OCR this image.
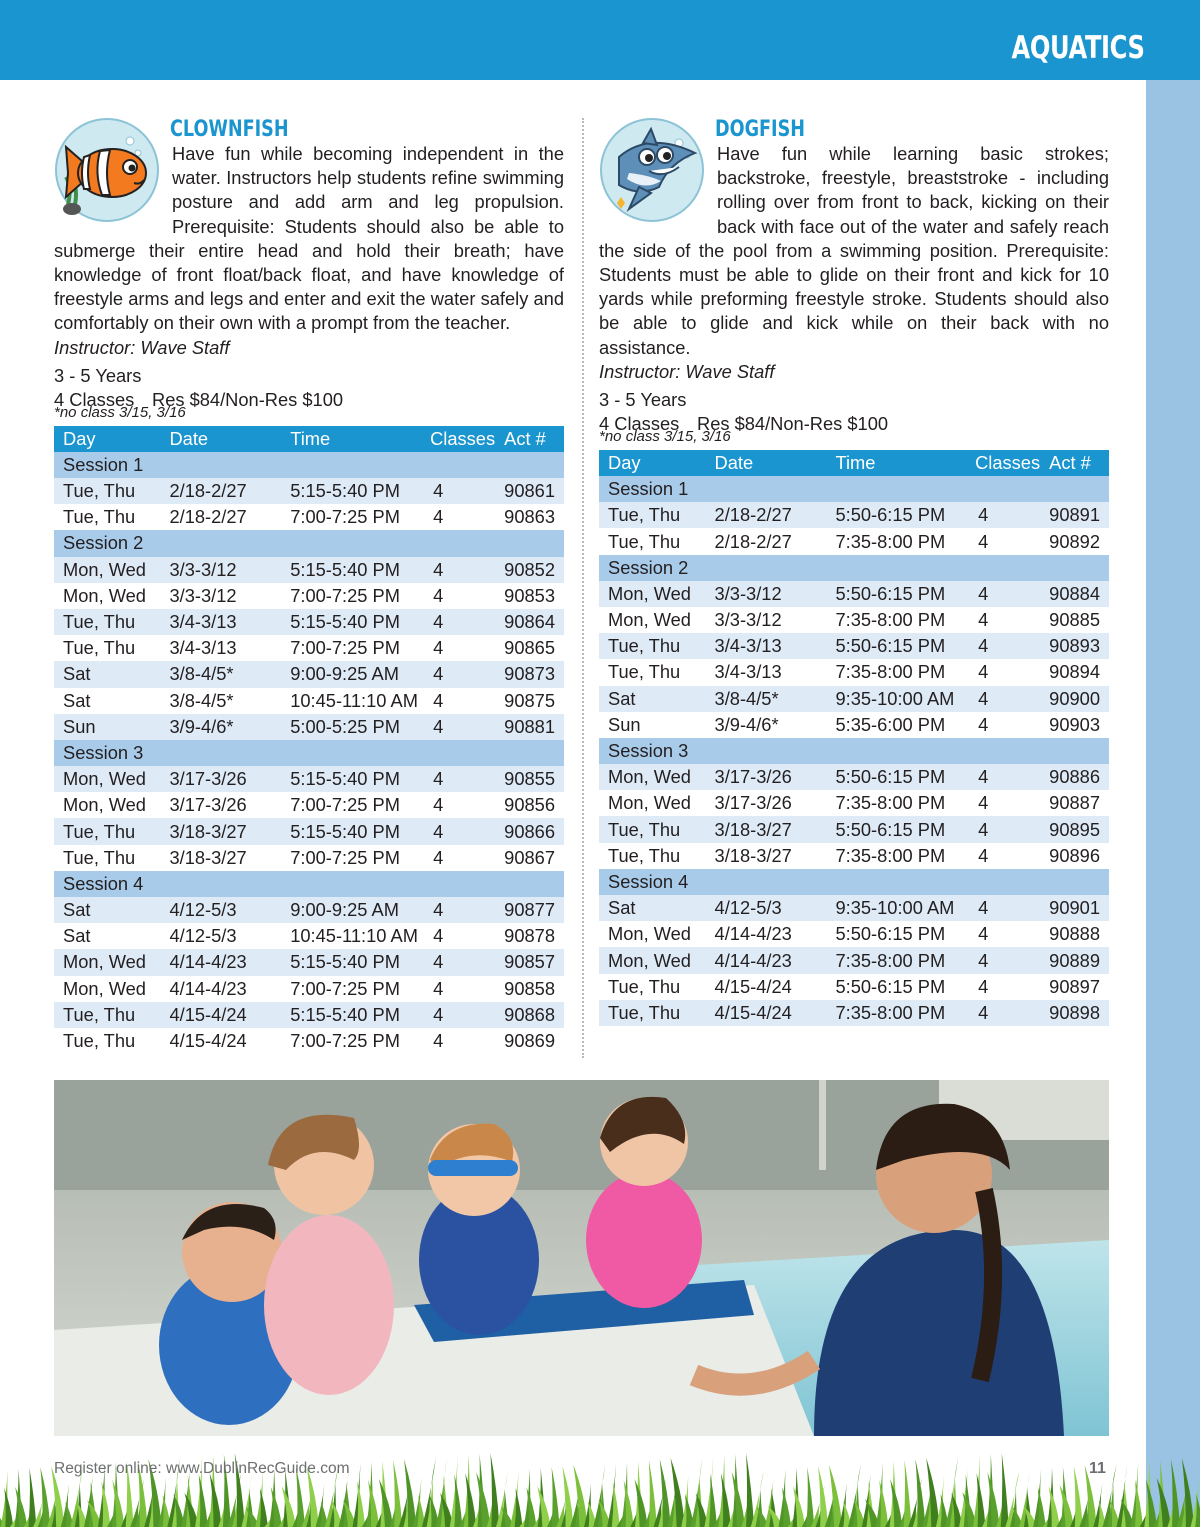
AQUATICS
CLOWNFISH

Have fun while becoming independent in the water. Instructors help students refine swimming posture and add arm and leg propulsion. Prerequisite: Students should also be able to submerge their entire head and hold their breath; have knowledge of front float/back float, and have knowledge of freestyle arms and legs and enter and exit the water safely and comfortably on their own with a prompt from the teacher.

Instructor: Wave Staff

3 - 5 Years

4 Classes Res $84/Non-Res $100

*no class 3/15, 3/16

Day	Date	Time	Classes	Act #
Session 1				
Tue, Thu	2/18-2/27	5:15-5:40 PM	4	90861
Tue, Thu	2/18-2/27	7:00-7:25 PM	4	90863
Session 2				
Mon, Wed	3/3-3/12	5:15-5:40 PM	4	90852
Mon, Wed	3/3-3/12	7:00-7:25 PM	4	90853
Tue, Thu	3/4-3/13	5:15-5:40 PM	4	90864
Tue, Thu	3/4-3/13	7:00-7:25 PM	4	90865
Sat	3/8-4/5*	9:00-9:25 AM	4	90873
Sat	3/8-4/5*	10:45-11:10 AM	4	90875
Sun	3/9-4/6*	5:00-5:25 PM	4	90881
Session 3				
Mon, Wed	3/17-3/26	5:15-5:40 PM	4	90855
Mon, Wed	3/17-3/26	7:00-7:25 PM	4	90856
Tue, Thu	3/18-3/27	5:15-5:40 PM	4	90866
Tue, Thu	3/18-3/27	7:00-7:25 PM	4	90867
Session 4				
Sat	4/12-5/3	9:00-9:25 AM	4	90877
Sat	4/12-5/3	10:45-11:10 AM	4	90878
Mon, Wed	4/14-4/23	5:15-5:40 PM	4	90857
Mon, Wed	4/14-4/23	7:00-7:25 PM	4	90858
Tue, Thu	4/15-4/24	5:15-5:40 PM	4	90868
Tue, Thu	4/15-4/24	7:00-7:25 PM	4	90869
DOGFISH

Have fun while learning basic strokes; backstroke, freestyle, breaststroke - including rolling over from front to back, kicking on their back with face out of the water and safely reach the side of the pool from a swimming position. Prerequisite: Students must be able to glide on their front and kick for 10 yards while preforming freestyle stroke. Students should also be able to glide and kick while on their back with no assistance.

Instructor: Wave Staff

3 - 5 Years

4 Classes Res $84/Non-Res $100

*no class 3/15, 3/16

Day	Date	Time	Classes	Act #
Session 1				
Tue, Thu	2/18-2/27	5:50-6:15 PM	4	90891
Tue, Thu	2/18-2/27	7:35-8:00 PM	4	90892
Session 2				
Mon, Wed	3/3-3/12	5:50-6:15 PM	4	90884
Mon, Wed	3/3-3/12	7:35-8:00 PM	4	90885
Tue, Thu	3/4-3/13	5:50-6:15 PM	4	90893
Tue, Thu	3/4-3/13	7:35-8:00 PM	4	90894
Sat	3/8-4/5*	9:35-10:00 AM	4	90900
Sun	3/9-4/6*	5:35-6:00 PM	4	90903
Session 3				
Mon, Wed	3/17-3/26	5:50-6:15 PM	4	90886
Mon, Wed	3/17-3/26	7:35-8:00 PM	4	90887
Tue, Thu	3/18-3/27	5:50-6:15 PM	4	90895
Tue, Thu	3/18-3/27	7:35-8:00 PM	4	90896
Session 4				
Sat	4/12-5/3	9:35-10:00 AM	4	90901
Mon, Wed	4/14-4/23	5:50-6:15 PM	4	90888
Mon, Wed	4/14-4/23	7:35-8:00 PM	4	90889
Tue, Thu	4/15-4/24	5:50-6:15 PM	4	90897
Tue, Thu	4/15-4/24	7:35-8:00 PM	4	90898
Register online: www.DublinRecGuide.com	11
